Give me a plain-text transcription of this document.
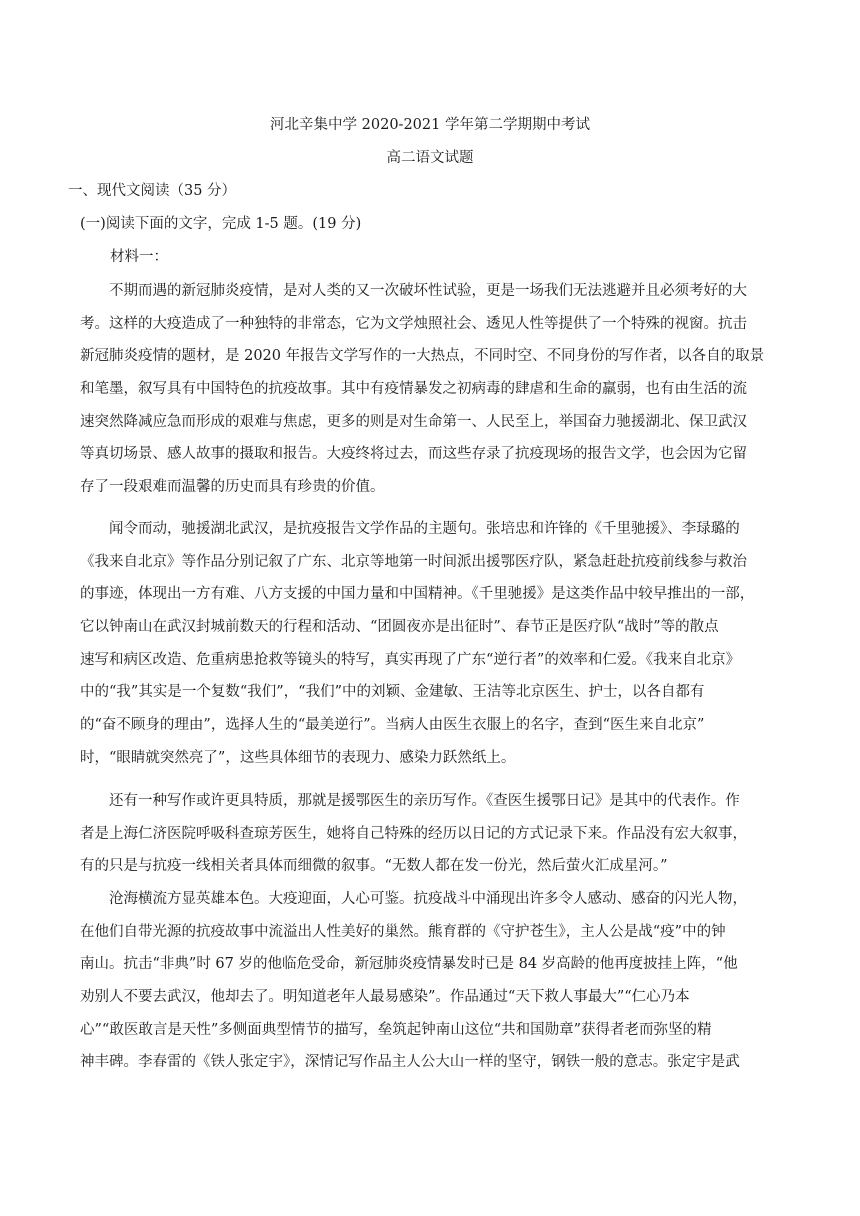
河北辛集中学 2020-2021 学年第二学期期中考试
高二语文试题
一、现代文阅读（35 分）
(一)阅读下面的文字，完成 1-5 题。(19 分)
材料一：
不期而遇的新冠肺炎疫情，是对人类的又一次破坏性试验，更是一场我们无法逃避并且必须考好的大
考。这样的大疫造成了一种独特的非常态，它为文学烛照社会、透见人性等提供了一个特殊的视窗。抗击
新冠肺炎疫情的题材，是 2020 年报告文学写作的一大热点，不同时空、不同身份的写作者，以各自的取景
和笔墨，叙写具有中国特色的抗疫故事。其中有疫情暴发之初病毒的肆虐和生命的羸弱，也有由生活的流
速突然降减应急而形成的艰难与焦虑，更多的则是对生命第一、人民至上，举国奋力驰援湖北、保卫武汉
等真切场景、感人故事的摄取和报告。大疫终将过去，而这些存录了抗疫现场的报告文学，也会因为它留
存了一段艰难而温馨的历史而具有珍贵的价值。
闻令而动，驰援湖北武汉，是抗疫报告文学作品的主题句。张培忠和许锋的《千里驰援》、李琭璐的
《我来自北京》等作品分别记叙了广东、北京等地第一时间派出援鄂医疗队，紧急赶赴抗疫前线参与救治
的事迹，体现出一方有难、八方支援的中国力量和中国精神。《千里驰援》是这类作品中较早推出的一部，
它以钟南山在武汉封城前数天的行程和活动、“团圆夜亦是出征时”、春节正是医疗队“战时”等的散点
速写和病区改造、危重病患抢救等镜头的特写，真实再现了广东“逆行者”的效率和仁爱。《我来自北京》
中的“我”其实是一个复数“我们”，“我们”中的刘颖、金建敏、王洁等北京医生、护士，以各自都有
的“奋不顾身的理由”，选择人生的“最美逆行”。当病人由医生衣服上的名字，查到“医生来自北京”
时，“眼睛就突然亮了”，这些具体细节的表现力、感染力跃然纸上。
还有一种写作或许更具特质，那就是援鄂医生的亲历写作。《查医生援鄂日记》是其中的代表作。作
者是上海仁济医院呼吸科查琼芳医生，她将自己特殊的经历以日记的方式记录下来。作品没有宏大叙事，
有的只是与抗疫一线相关者具体而细微的叙事。“无数人都在发一份光，然后萤火汇成星河。”
沧海横流方显英雄本色。大疫迎面，人心可鉴。抗疫战斗中涌现出许多令人感动、感奋的闪光人物，
在他们自带光源的抗疫故事中流溢出人性美好的巢然。熊育群的《守护苍生》，主人公是战“疫”中的钟
南山。抗击“非典”时 67 岁的他临危受命，新冠肺炎疫情暴发时已是 84 岁高龄的他再度披挂上阵，“他
劝别人不要去武汉，他却去了。明知道老年人最易感染”。作品通过“天下救人事最大”“仁心乃本
心”“敢医敢言是天性”多侧面典型情节的描写，垒筑起钟南山这位“共和国勋章”获得者老而弥坚的精
神丰碑。李春雷的《铁人张定宇》，深情记写作品主人公大山一样的坚守，钢铁一般的意志。张定宇是武
